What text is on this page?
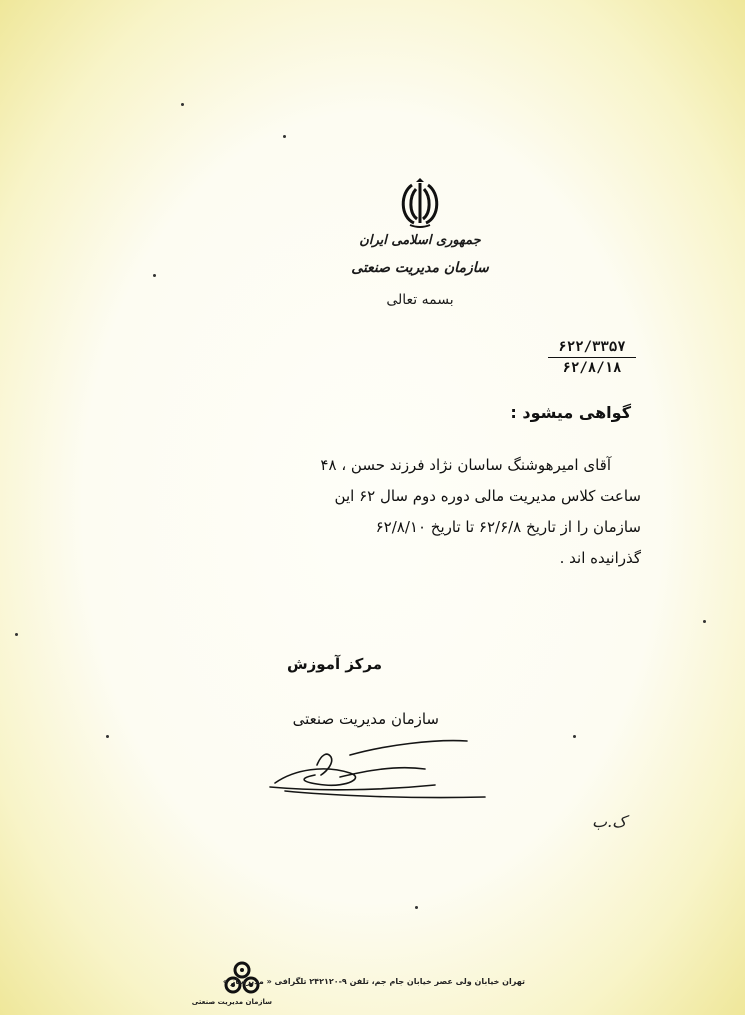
جمهوری اسلامی ایران
سازمان مدیریت صنعتی
بسمه تعالی
۶۲۲/۳۳۵۷
۶۲/۸/۱۸
گواهی میشود :
آقای امیرهوشنگ ساسان نژاد فرزند حسن ، ۴۸
ساعت کلاس مدیریت مالی دوره دوم سال ۶۲ این
سازمان را از تاریخ ۶۲/۶/۸ تا تاریخ ۶۲/۸/۱۰
گذرانیده اند .
مرکز آموزش
سازمان مدیریت صنعتی
ک.ب
سازمان مدیریت صنعتی
تهران خیابان ولی عصر خیابان جام جم، تلفن ۹-۲۴۲۱۲۰ تلگرافی « مدیرساز »
